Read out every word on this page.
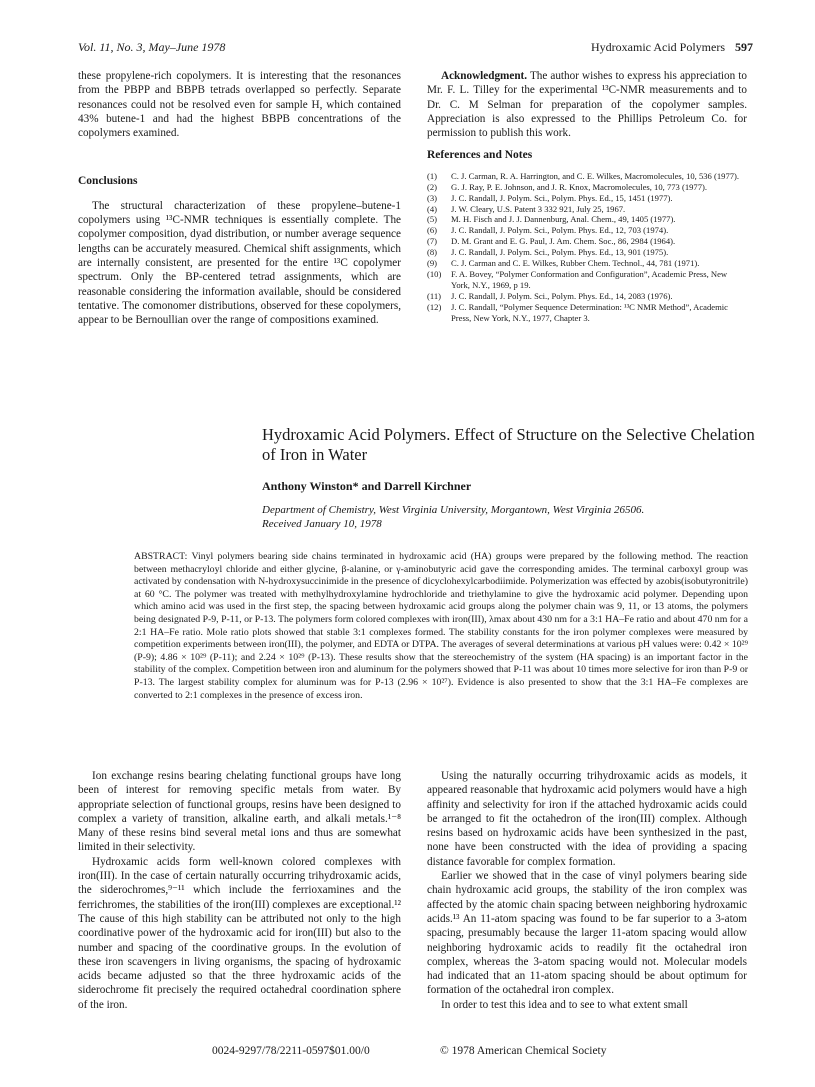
Vol. 11, No. 3, May–June 1978	Hydroxamic Acid Polymers 597

these propylene-rich copolymers. It is interesting that the resonances from the PBPP and BBPB tetrads overlapped so perfectly. Separate resonances could not be resolved even for sample H, which contained 43% butene-1 and had the highest BBPB concentrations of the copolymers examined.

Conclusions

The structural characterization of these propylene–butene-1 copolymers using ¹³C-NMR techniques is essentially complete. The copolymer composition, dyad distribution, or number average sequence lengths can be accurately measured. Chemical shift assignments, which are internally consistent, are presented for the entire ¹³C copolymer spectrum. Only the BP-centered tetrad assignments, which are reasonable considering the information available, should be considered tentative. The comonomer distributions, observed for these copolymers, appear to be Bernoullian over the range of compositions examined.

Acknowledgment. The author wishes to express his appreciation to Mr. F. L. Tilley for the experimental ¹³C-NMR measurements and to Dr. C. M Selman for preparation of the copolymer samples. Appreciation is also expressed to the Phillips Petroleum Co. for permission to publish this work.

References and Notes
(1) C. J. Carman, R. A. Harrington, and C. E. Wilkes, Macromolecules, 10, 536 (1977).
(2) G. J. Ray, P. E. Johnson, and J. R. Knox, Macromolecules, 10, 773 (1977).
(3) J. C. Randall, J. Polym. Sci., Polym. Phys. Ed., 15, 1451 (1977).
(4) J. W. Cleary, U.S. Patent 3 332 921, July 25, 1967.
(5) M. H. Fisch and J. J. Dannenburg, Anal. Chem., 49, 1405 (1977).
(6) J. C. Randall, J. Polym. Sci., Polym. Phys. Ed., 12, 703 (1974).
(7) D. M. Grant and E. G. Paul, J. Am. Chem. Soc., 86, 2984 (1964).
(8) J. C. Randall, J. Polym. Sci., Polym. Phys. Ed., 13, 901 (1975).
(9) C. J. Carman and C. E. Wilkes, Rubber Chem. Technol., 44, 781 (1971).
(10) F. A. Bovey, “Polymer Conformation and Configuration”, Academic Press, New York, N.Y., 1969, p 19.
(11) J. C. Randall, J. Polym. Sci., Polym. Phys. Ed., 14, 2083 (1976).
(12) J. C. Randall, “Polymer Sequence Determination: ¹³C NMR Method”, Academic Press, New York, N.Y., 1977, Chapter 3.
Hydroxamic Acid Polymers. Effect of Structure on the Selective Chelation of Iron in Water
Anthony Winston* and Darrell Kirchner
Department of Chemistry, West Virginia University, Morgantown, West Virginia 26506.
Received January 10, 1978
ABSTRACT: Vinyl polymers bearing side chains terminated in hydroxamic acid (HA) groups were prepared by the following method. The reaction between methacryloyl chloride and either glycine, β-alanine, or γ-aminobutyric acid gave the corresponding amides. The terminal carboxyl group was activated by condensation with N-hydroxysuccinimide in the presence of dicyclohexylcarbodiimide. Polymerization was effected by azobis(isobutyronitrile) at 60 °C. The polymer was treated with methylhydroxylamine hydrochloride and triethylamine to give the hydroxamic acid polymer. Depending upon which amino acid was used in the first step, the spacing between hydroxamic acid groups along the polymer chain was 9, 11, or 13 atoms, the polymers being designated P-9, P-11, or P-13. The polymers form colored complexes with iron(III), λmax about 430 nm for a 3:1 HA–Fe ratio and about 470 nm for a 2:1 HA–Fe ratio. Mole ratio plots showed that stable 3:1 complexes formed. The stability constants for the iron polymer complexes were measured by competition experiments between iron(III), the polymer, and EDTA or DTPA. The averages of several determinations at various pH values were: 0.42 × 10²⁹ (P-9); 4.86 × 10²⁹ (P-11); and 2.24 × 10²⁹ (P-13). These results show that the stereochemistry of the system (HA spacing) is an important factor in the stability of the complex. Competition between iron and aluminum for the polymers showed that P-11 was about 10 times more selective for iron than P-9 or P-13. The largest stability complex for aluminum was for P-13 (2.96 × 10²⁷). Evidence is also presented to show that the 3:1 HA–Fe complexes are converted to 2:1 complexes in the presence of excess iron.

Ion exchange resins bearing chelating functional groups have long been of interest for removing specific metals from water. By appropriate selection of functional groups, resins have been designed to complex a variety of transition, alkaline earth, and alkali metals.¹⁻⁸ Many of these resins bind several metal ions and thus are somewhat limited in their selectivity.

Hydroxamic acids form well-known colored complexes with iron(III). In the case of certain naturally occurring trihydroxamic acids, the siderochromes,⁹⁻¹¹ which include the ferrioxamines and the ferrichromes, the stabilities of the iron(III) complexes are exceptional.¹² The cause of this high stability can be attributed not only to the high coordinative power of the hydroxamic acid for iron(III) but also to the number and spacing of the coordinative groups. In the evolution of these iron scavengers in living organisms, the spacing of hydroxamic acids became adjusted so that the three hydroxamic acids of the siderochrome fit precisely the required octahedral coordination sphere of the iron.

Using the naturally occurring trihydroxamic acids as models, it appeared reasonable that hydroxamic acid polymers would have a high affinity and selectivity for iron if the attached hydroxamic acids could be arranged to fit the octahedron of the iron(III) complex. Although resins based on hydroxamic acids have been synthesized in the past, none have been constructed with the idea of providing a spacing distance favorable for complex formation.

Earlier we showed that in the case of vinyl polymers bearing side chain hydroxamic acid groups, the stability of the iron complex was affected by the atomic chain spacing between neighboring hydroxamic acids.¹³ An 11-atom spacing was found to be far superior to a 3-atom spacing, presumably because the larger 11-atom spacing would allow neighboring hydroxamic acids to readily fit the octahedral iron complex, whereas the 3-atom spacing would not. Molecular models had indicated that an 11-atom spacing should be about optimum for formation of the octahedral iron complex.

In order to test this idea and to see to what extent small

0024-9297/78/2211-0597$01.00/0	© 1978 American Chemical Society
